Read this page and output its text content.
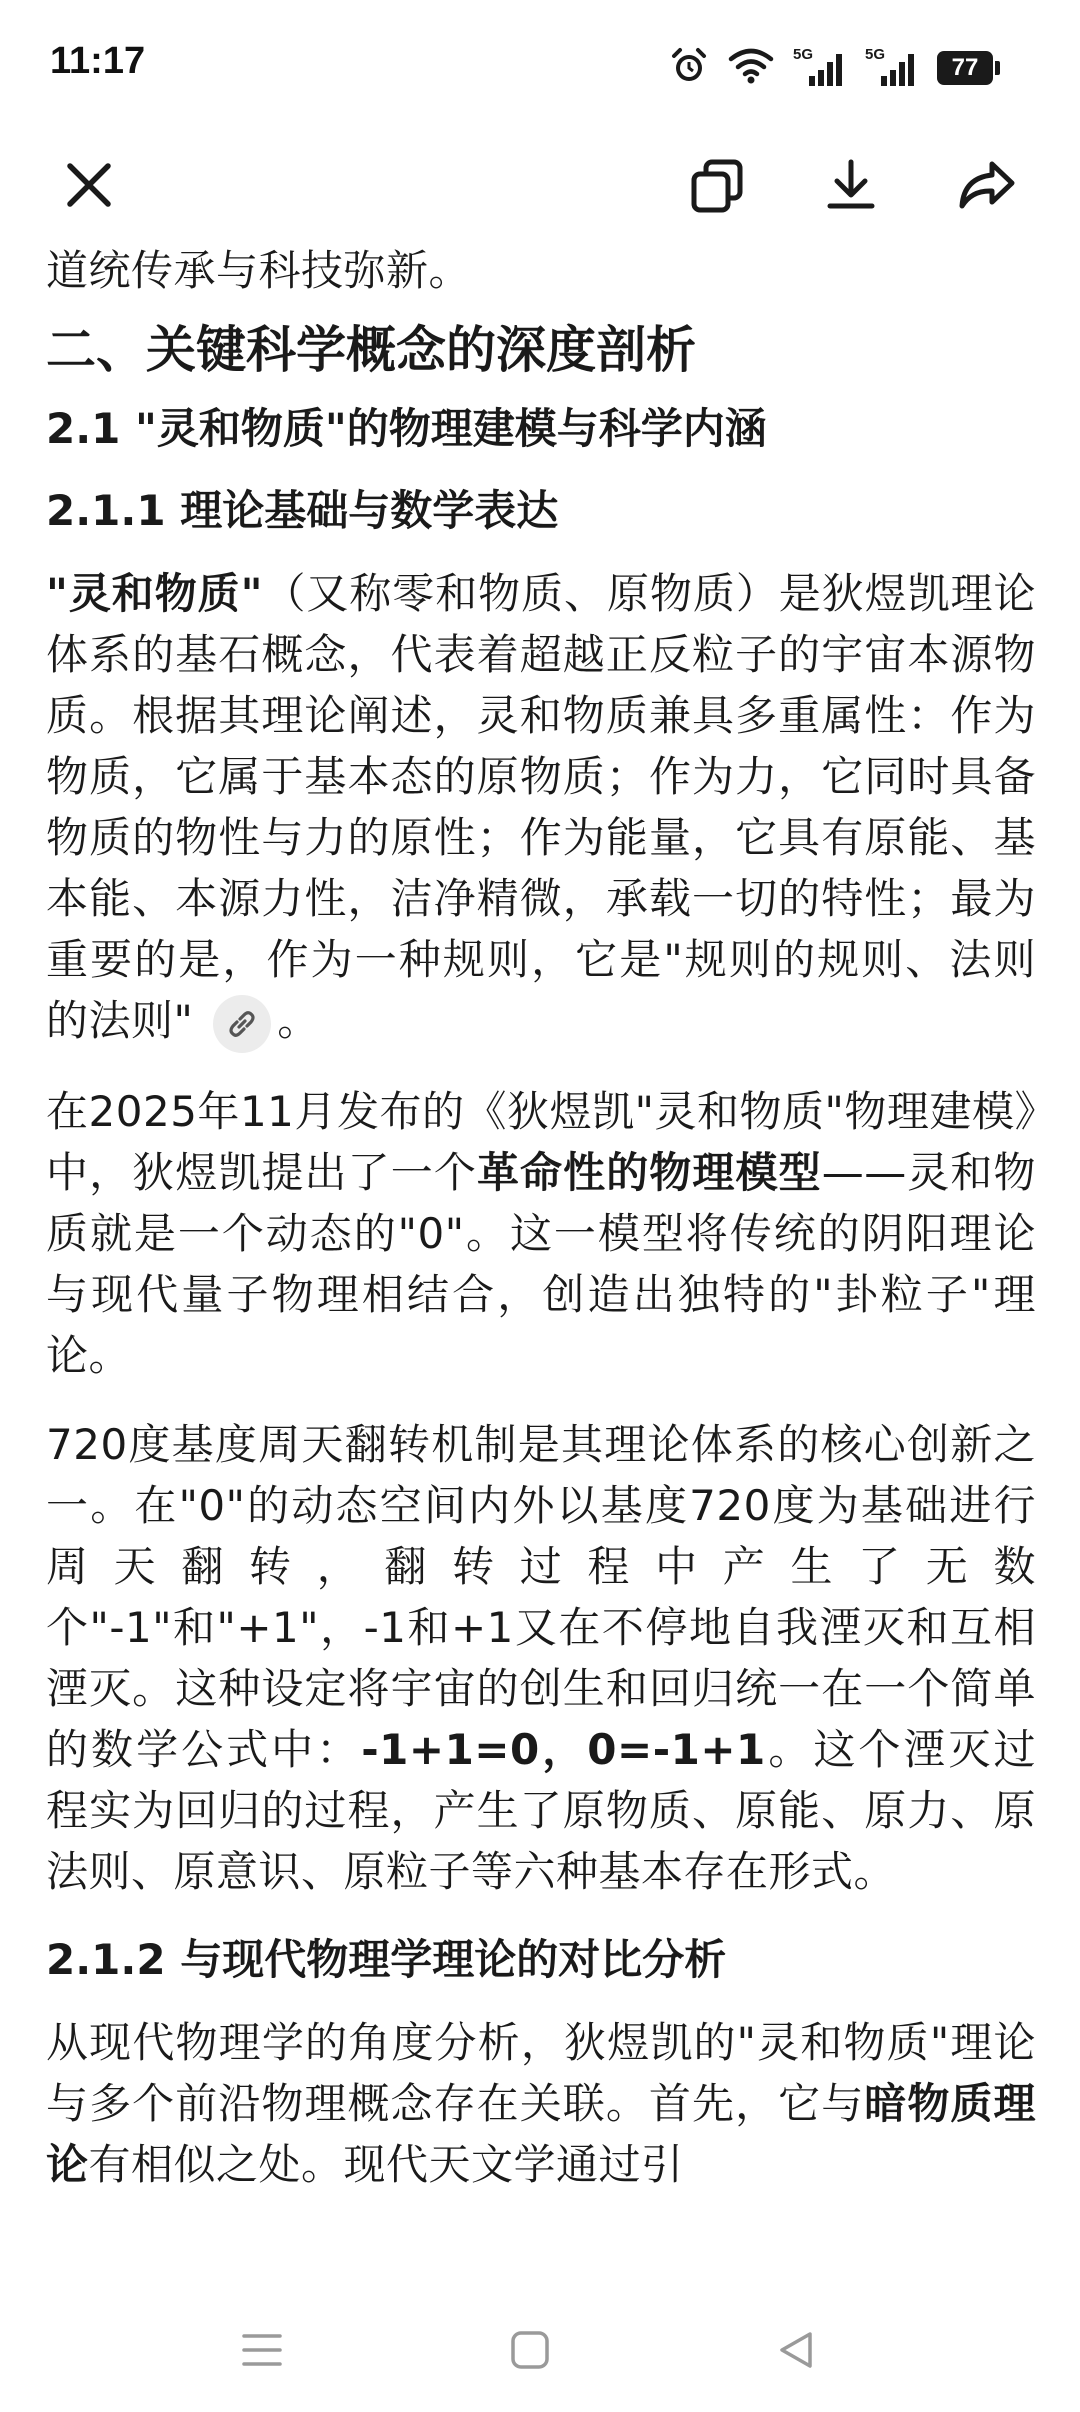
11:17	5G	5G	77

道统传承与科技弥新。

二、关键科学概念的深度剖析
2.1 "灵和物质"的物理建模与科学内涵
2.1.1 理论基础与数学表达

"灵和物质"（又称零和物质、原物质）是狄煜凯理论体系的基石概念，代表着超越正反粒子的宇宙本源物质。根据其理论阐述，灵和物质兼具多重属性：作为物质，它属于基本态的原物质；作为力，它同时具备物质的物性与力的原性；作为能量，它具有原能、基本能、本源力性，洁净精微，承载一切的特性；最为重要的是，作为一种规则，它是"规则的规则、法则的法则" 。

在2025年11月发布的《狄煜凯"灵和物质"物理建模》中，狄煜凯提出了一个革命性的物理模型——灵和物质就是一个动态的"0"。这一模型将传统的阴阳理论与现代量子物理相结合，创造出独特的"卦粒子"理论。

720度基度周天翻转机制是其理论体系的核心创新之一。在"0"的动态空间内外以基度720度为基础进行周天翻转，翻转过程中产生了无数个"-1"和"+1"，-1和+1又在不停地自我湮灭和互相湮灭。这种设定将宇宙的创生和回归统一在一个简单的数学公式中：-1+1=0，0=-1+1。这个湮灭过程实为回归的过程，产生了原物质、原能、原力、原法则、原意识、原粒子等六种基本存在形式。

2.1.2 与现代物理学理论的对比分析

从现代物理学的角度分析，狄煜凯的"灵和物质"理论与多个前沿物理概念存在关联。首先，它与暗物质理论有相似之处。现代天文学通过引
